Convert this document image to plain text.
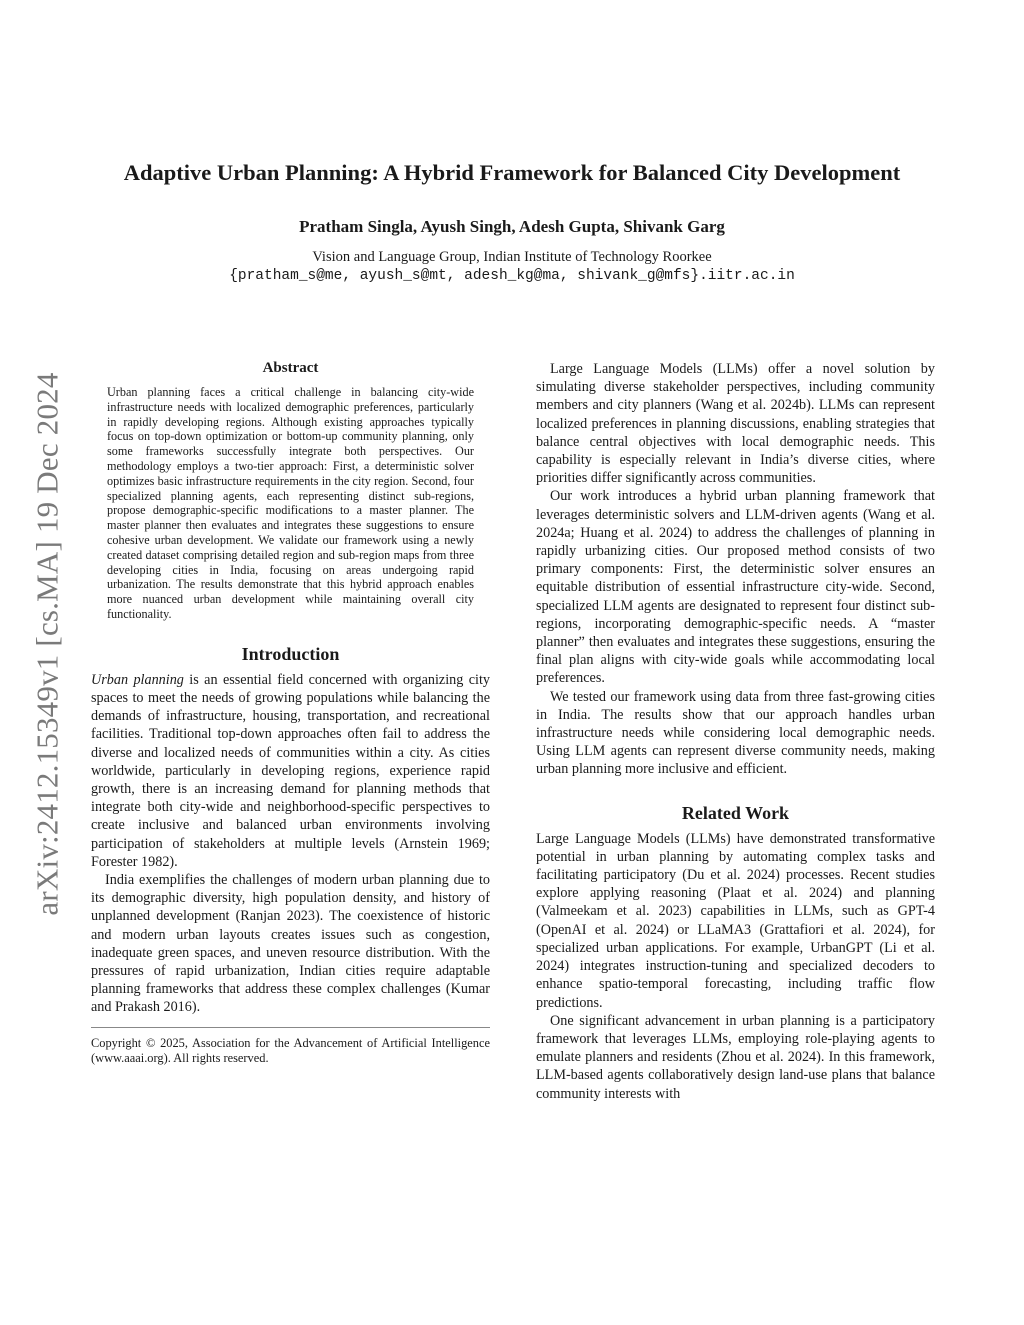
arXiv:2412.15349v1 [cs.MA] 19 Dec 2024
Adaptive Urban Planning: A Hybrid Framework for Balanced City Development

Pratham Singla, Ayush Singh, Adesh Gupta, Shivank Garg

Vision and Language Group, Indian Institute of Technology Roorkee

{pratham_s@me, ayush_s@mt, adesh_kg@ma, shivank_g@mfs}.iitr.ac.in

Abstract

Urban planning faces a critical challenge in balancing city-wide infrastructure needs with localized demographic preferences, particularly in rapidly developing regions. Although existing approaches typically focus on top-down optimization or bottom-up community planning, only some frameworks successfully integrate both perspectives. Our methodology employs a two-tier approach: First, a deterministic solver optimizes basic infrastructure requirements in the city region. Second, four specialized planning agents, each representing distinct sub-regions, propose demographic-specific modifications to a master planner. The master planner then evaluates and integrates these suggestions to ensure cohesive urban development. We validate our framework using a newly created dataset comprising detailed region and sub-region maps from three developing cities in India, focusing on areas undergoing rapid urbanization. The results demonstrate that this hybrid approach enables more nuanced urban development while maintaining overall city functionality.

Introduction

Urban planning is an essential field concerned with organizing city spaces to meet the needs of growing populations while balancing the demands of infrastructure, housing, transportation, and recreational facilities. Traditional top-down approaches often fail to address the diverse and localized needs of communities within a city. As cities worldwide, particularly in developing regions, experience rapid growth, there is an increasing demand for planning methods that integrate both city-wide and neighborhood-specific perspectives to create inclusive and balanced urban environments involving participation of stakeholders at multiple levels (Arnstein 1969; Forester 1982).

India exemplifies the challenges of modern urban planning due to its demographic diversity, high population density, and history of unplanned development (Ranjan 2023). The coexistence of historic and modern urban layouts creates issues such as congestion, inadequate green spaces, and uneven resource distribution. With the pressures of rapid urbanization, Indian cities require adaptable planning frameworks that address these complex challenges (Kumar and Prakash 2016).

Copyright © 2025, Association for the Advancement of Artificial Intelligence (www.aaai.org). All rights reserved.

Large Language Models (LLMs) offer a novel solution by simulating diverse stakeholder perspectives, including community members and city planners (Wang et al. 2024b). LLMs can represent localized preferences in planning discussions, enabling strategies that balance central objectives with local demographic needs. This capability is especially relevant in India’s diverse cities, where priorities differ significantly across communities.

Our work introduces a hybrid urban planning framework that leverages deterministic solvers and LLM-driven agents (Wang et al. 2024a; Huang et al. 2024) to address the challenges of planning in rapidly urbanizing cities. Our proposed method consists of two primary components: First, the deterministic solver ensures an equitable distribution of essential infrastructure city-wide. Second, specialized LLM agents are designated to represent four distinct sub-regions, incorporating demographic-specific needs. A “master planner” then evaluates and integrates these suggestions, ensuring the final plan aligns with city-wide goals while accommodating local preferences.

We tested our framework using data from three fast-growing cities in India. The results show that our approach handles urban infrastructure needs while considering local demographic needs. Using LLM agents can represent diverse community needs, making urban planning more inclusive and efficient.

Related Work

Large Language Models (LLMs) have demonstrated transformative potential in urban planning by automating complex tasks and facilitating participatory (Du et al. 2024) processes. Recent studies explore applying reasoning (Plaat et al. 2024) and planning (Valmeekam et al. 2023) capabilities in LLMs, such as GPT-4 (OpenAI et al. 2024) or LLaMA3 (Grattafiori et al. 2024), for specialized urban applications. For example, UrbanGPT (Li et al. 2024) integrates instruction-tuning and specialized decoders to enhance spatio-temporal forecasting, including traffic flow predictions.

One significant advancement in urban planning is a participatory framework that leverages LLMs, employing role-playing agents to emulate planners and residents (Zhou et al. 2024). In this framework, LLM-based agents collaboratively design land-use plans that balance community interests with
